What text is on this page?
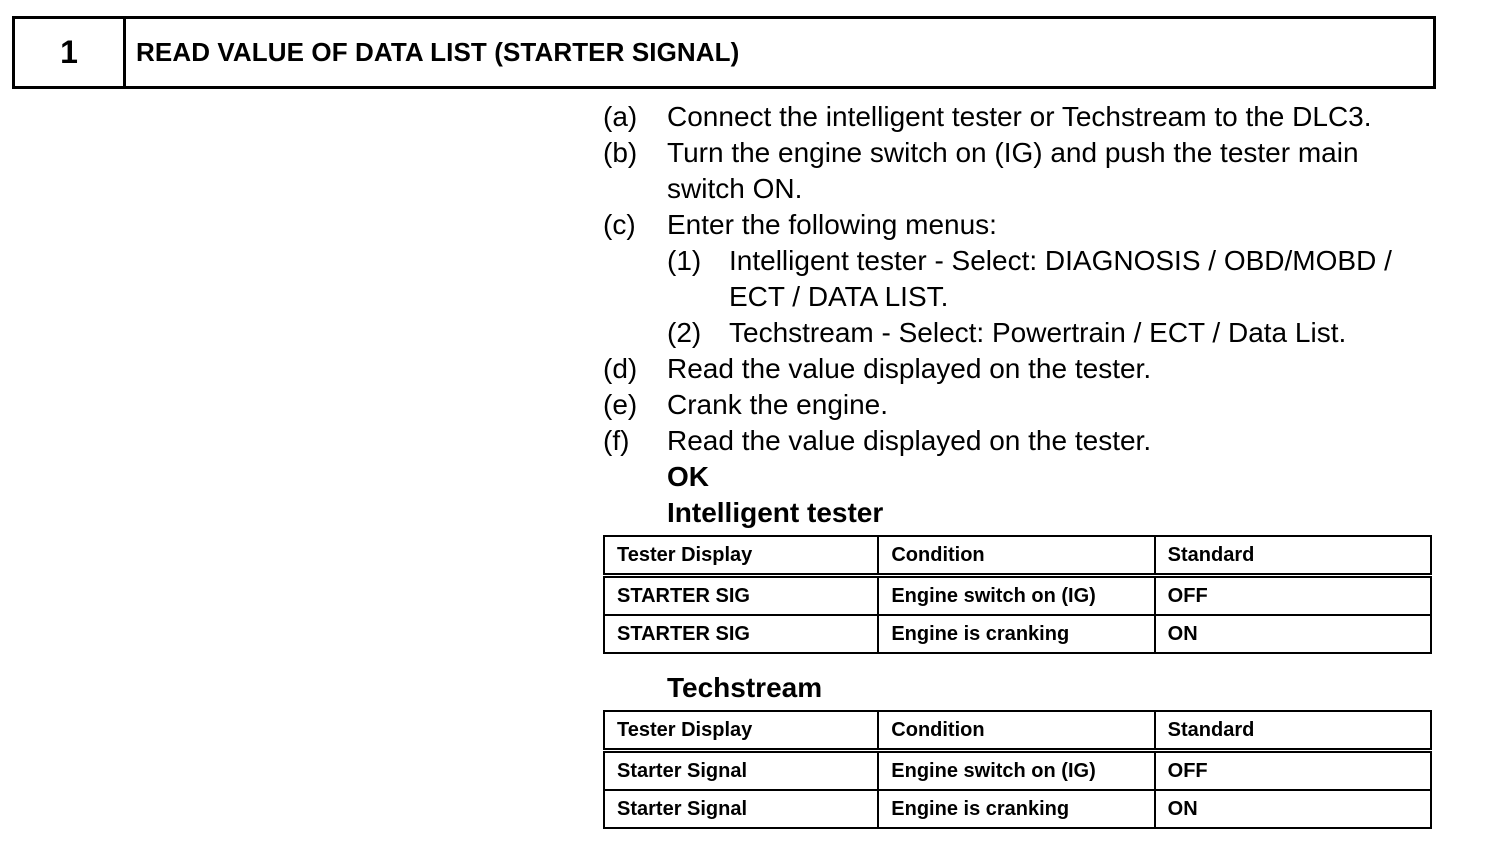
1	READ VALUE OF DATA LIST (STARTER SIGNAL)
(a)	Connect the intelligent tester or Techstream to the DLC3.
(b)	Turn the engine switch on (IG) and push the tester main switch ON.
(c)	Enter the following menus:
(1) Intelligent tester - Select: DIAGNOSIS / OBD/MOBD / ECT / DATA LIST.
(2) Techstream - Select: Powertrain / ECT / Data List.
(d)	Read the value displayed on the tester.
(e)	Crank the engine.
(f)	Read the value displayed on the tester.
OK
Intelligent tester
Tester Display	Condition	Standard
STARTER SIG	Engine switch on (IG)	OFF
STARTER SIG	Engine is cranking	ON
Techstream
Tester Display	Condition	Standard
Starter Signal	Engine switch on (IG)	OFF
Starter Signal	Engine is cranking	ON
